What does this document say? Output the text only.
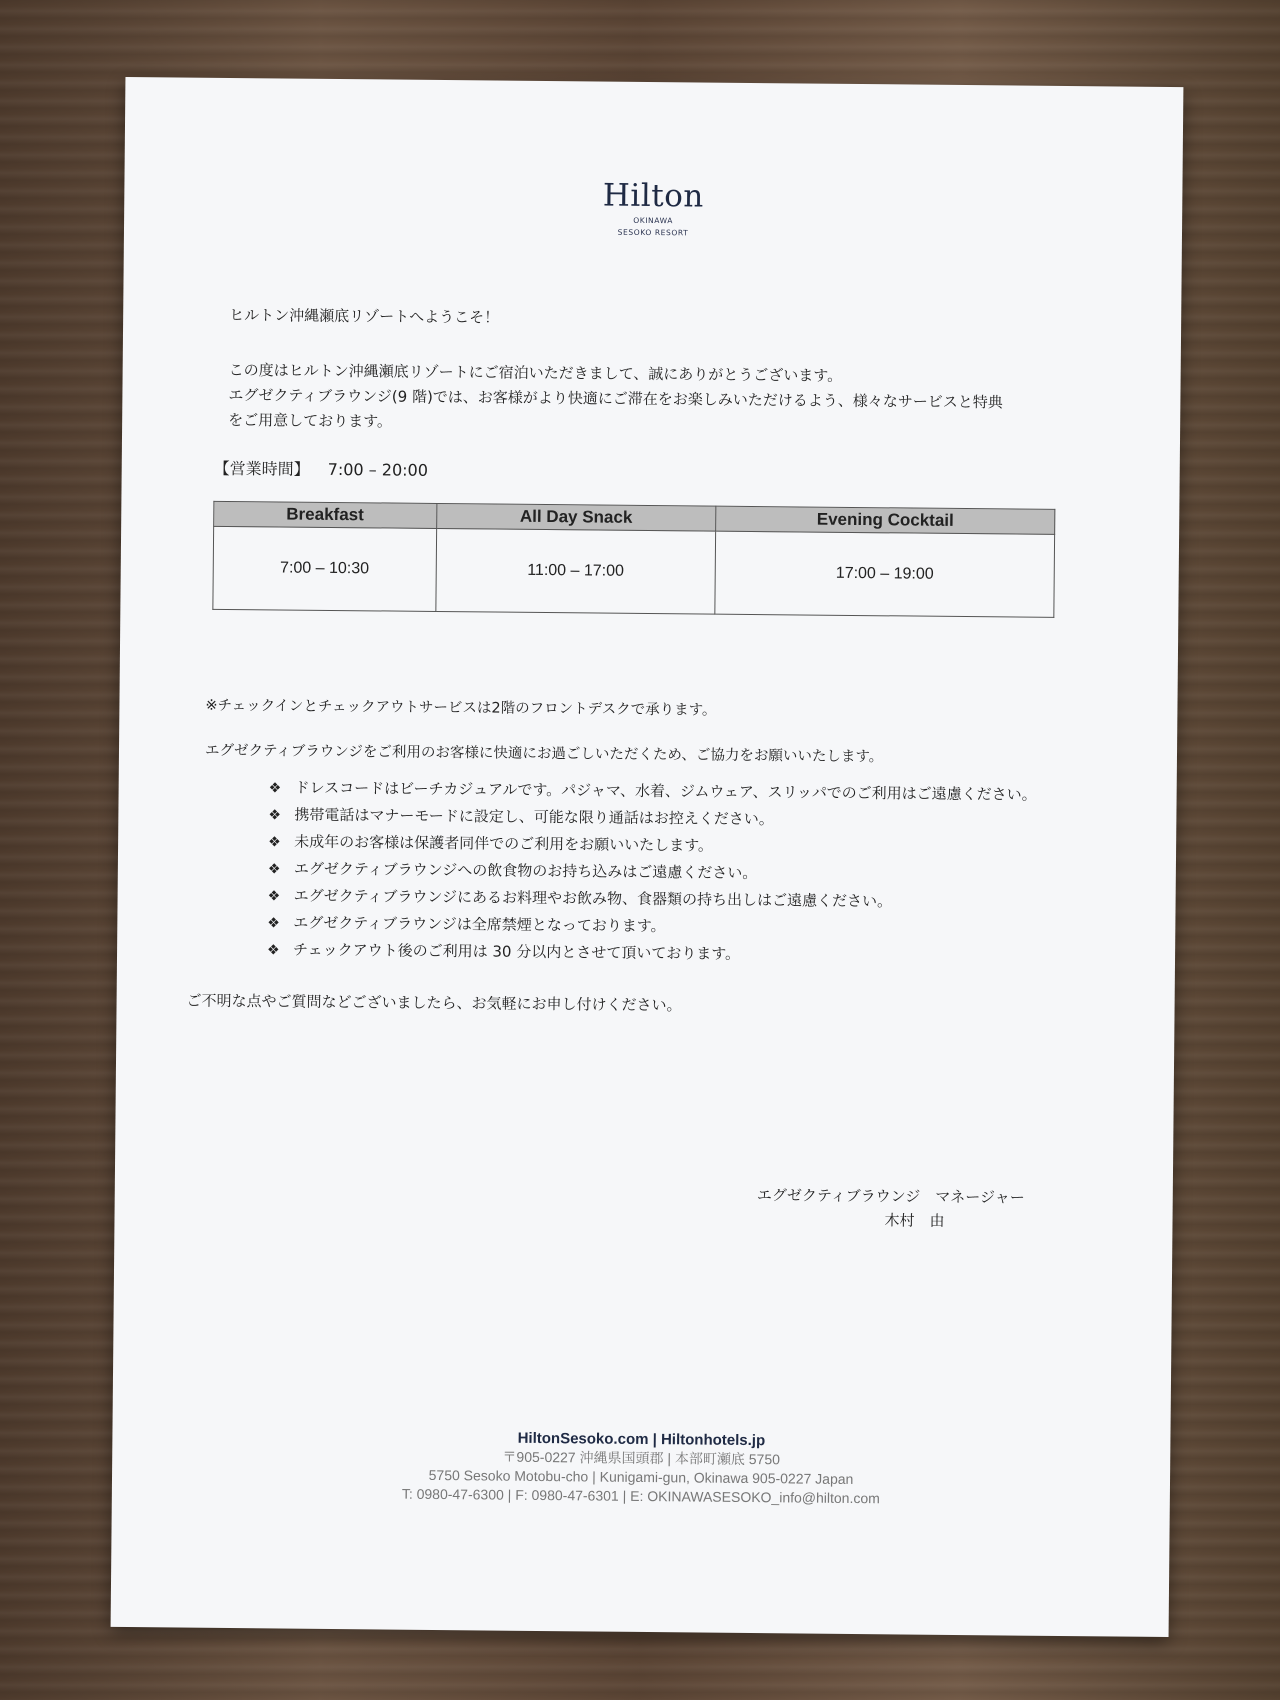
Hilton
OKINAWA
SESOKO RESORT
ヒルトン沖縄瀬底リゾートへようこそ！
この度はヒルトン沖縄瀬底リゾートにご宿泊いただきまして、誠にありがとうございます。
エグゼクティブラウンジ(9 階)では、お客様がより快適にご滞在をお楽しみいただけるよう、様々なサービスと特典
をご用意しております。
【営業時間】 7:00 – 20:00
Breakfast	All Day Snack	Evening Cocktail
7:00 – 10:30	11:00 – 17:00	17:00 – 19:00
※チェックインとチェックアウトサービスは2階のフロントデスクで承ります。
エグゼクティブラウンジをご利用のお客様に快適にお過ごしいただくため、ご協力をお願いいたします。
❖ ドレスコードはビーチカジュアルです。パジャマ、水着、ジムウェア、スリッパでのご利用はご遠慮ください。
❖ 携帯電話はマナーモードに設定し、可能な限り通話はお控えください。
❖ 未成年のお客様は保護者同伴でのご利用をお願いいたします。
❖ エグゼクティブラウンジへの飲食物のお持ち込みはご遠慮ください。
❖ エグゼクティブラウンジにあるお料理やお飲み物、食器類の持ち出しはご遠慮ください。
❖ エグゼクティブラウンジは全席禁煙となっております。
❖ チェックアウト後のご利用は 30 分以内とさせて頂いております。
ご不明な点やご質問などございましたら、お気軽にお申し付けください。
エグゼクティブラウンジ　マネージャー
木村　由
HiltonSesoko.com | Hiltonhotels.jp
〒905-0227 沖縄県国頭郡 | 本部町瀬底 5750
5750 Sesoko Motobu-cho | Kunigami-gun, Okinawa 905-0227 Japan
T: 0980-47-6300 | F: 0980-47-6301 | E: OKINAWASESOKO_info@hilton.com
